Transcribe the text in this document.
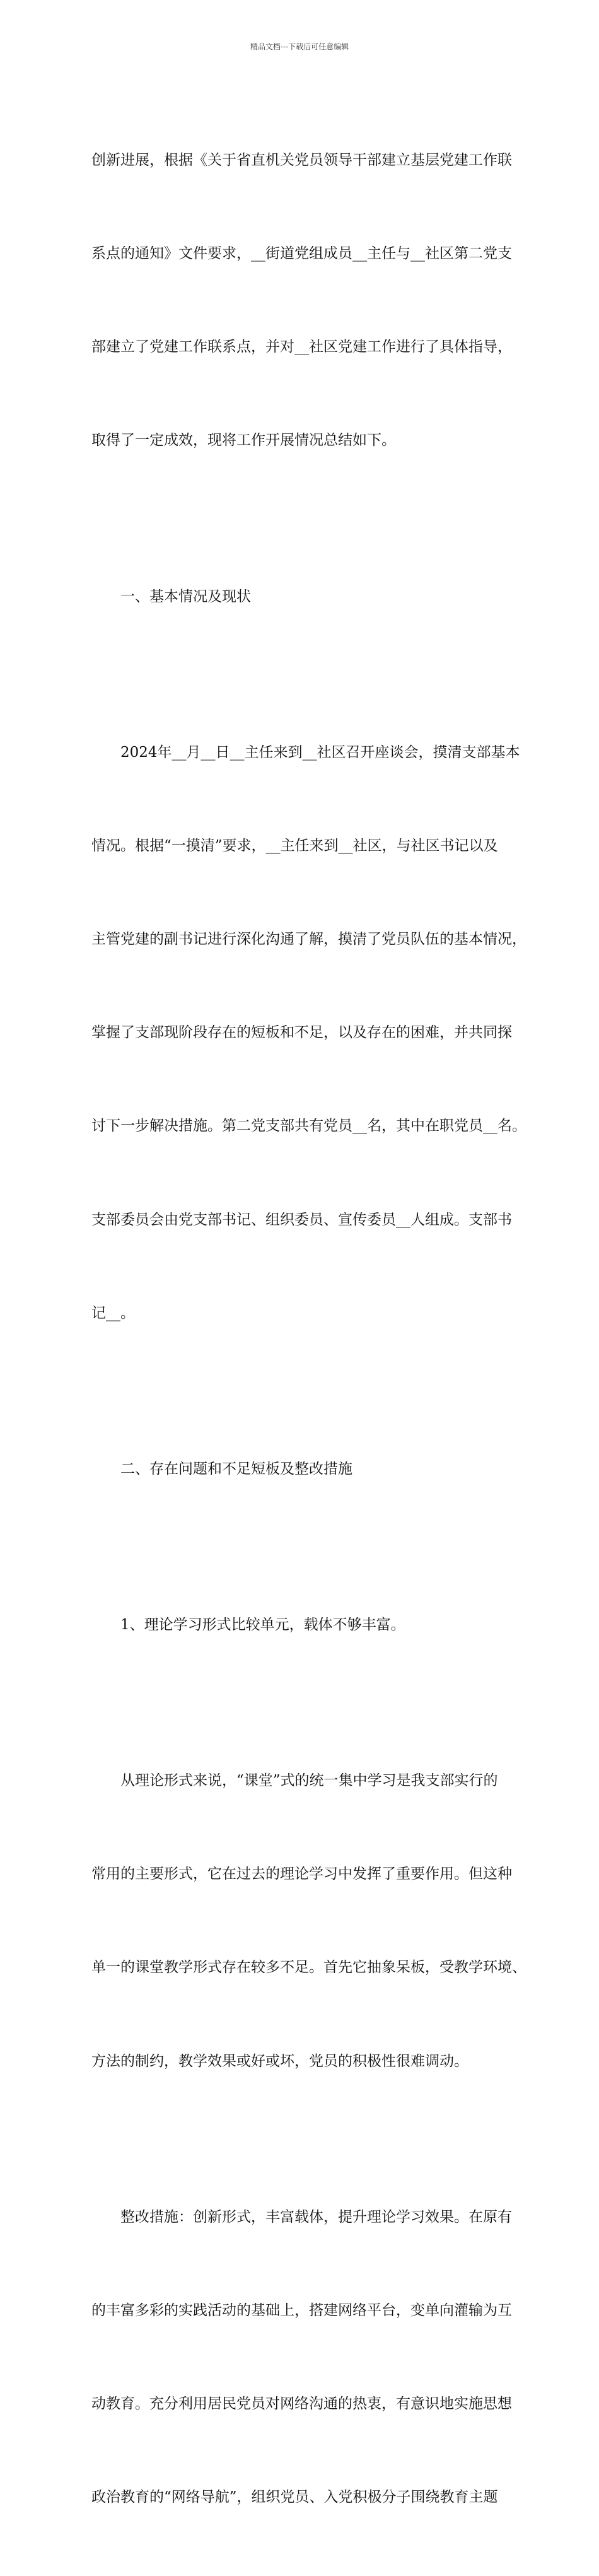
精品文档---下载后可任意编辑

创新进展，根据《关于省直机关党员领导干部建立基层党建工作联

系点的通知》文件要求，__街道党组成员__主任与__社区第二党支

部建立了党建工作联系点，并对__社区党建工作进行了具体指导，

取得了一定成效，现将工作开展情况总结如下。

一、基本情况及现状

2024年__月__日__主任来到__社区召开座谈会，摸清支部基本

情况。根据“一摸清”要求，__主任来到__社区，与社区书记以及

主管党建的副书记进行深化沟通了解，摸清了党员队伍的基本情况，

掌握了支部现阶段存在的短板和不足，以及存在的困难，并共同探

讨下一步解决措施。第二党支部共有党员__名，其中在职党员__名。

支部委员会由党支部书记、组织委员、宣传委员__人组成。支部书

记__。

二、存在问题和不足短板及整改措施

1、理论学习形式比较单元，载体不够丰富。

从理论形式来说，“课堂”式的统一集中学习是我支部实行的

常用的主要形式，它在过去的理论学习中发挥了重要作用。但这种

单一的课堂教学形式存在较多不足。首先它抽象呆板，受教学环境、

方法的制约，教学效果或好或坏，党员的积极性很难调动。

整改措施：创新形式，丰富载体，提升理论学习效果。在原有

的丰富多彩的实践活动的基础上，搭建网络平台，变单向灌输为互

动教育。充分利用居民党员对网络沟通的热衷，有意识地实施思想

政治教育的“网络导航”，组织党员、入党积极分子围绕教育主题
